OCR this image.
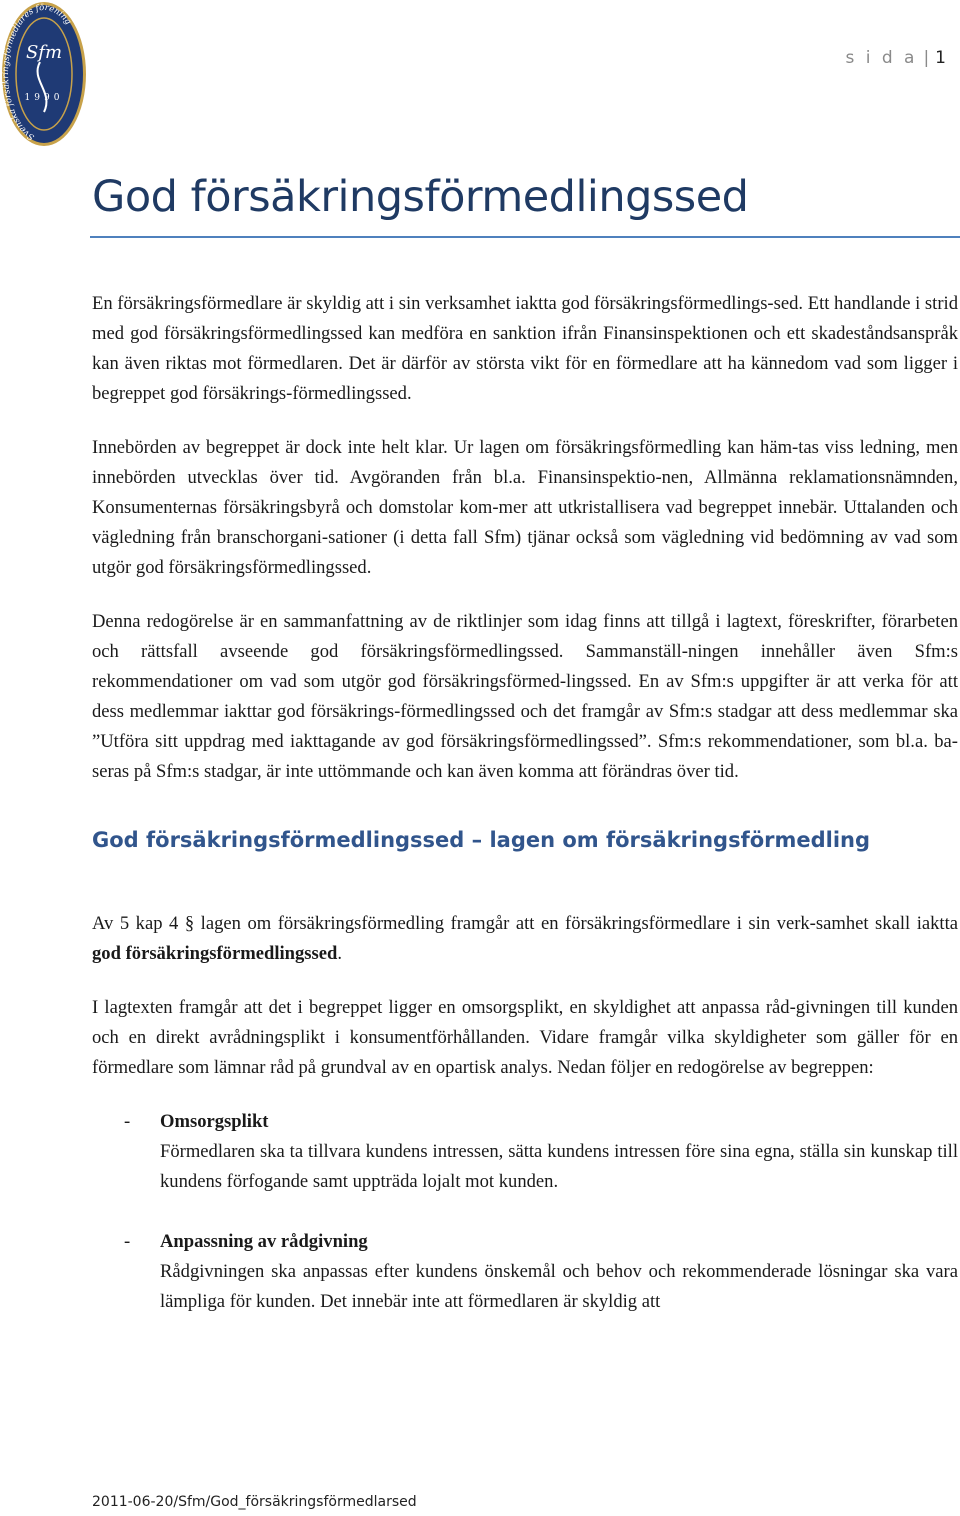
Svenska försäkringsförmedlares förening
Sfm
1990
s i d a | 1
God försäkringsförmedlingssed

En försäkringsförmedlare är skyldig att i sin verksamhet iaktta god försäkringsförmedlings-sed. Ett handlande i strid med god försäkringsförmedlingssed kan medföra en sanktion ifrån Finansinspektionen och ett skadeståndsanspråk kan även riktas mot förmedlaren. Det är därför av största vikt för en förmedlare att ha kännedom vad som ligger i begreppet god försäkrings-förmedlingssed.

Innebörden av begreppet är dock inte helt klar. Ur lagen om försäkringsförmedling kan häm-tas viss ledning, men innebörden utvecklas över tid. Avgöranden från bl.a. Finansinspektio-nen, Allmänna reklamationsnämnden, Konsumenternas försäkringsbyrå och domstolar kom-mer att utkristallisera vad begreppet innebär. Uttalanden och vägledning från branschorgani-sationer (i detta fall Sfm) tjänar också som vägledning vid bedömning av vad som utgör god försäkringsförmedlingssed.

Denna redogörelse är en sammanfattning av de riktlinjer som idag finns att tillgå i lagtext, föreskrifter, förarbeten och rättsfall avseende god försäkringsförmedlingssed. Sammanställ-ningen innehåller även Sfm:s rekommendationer om vad som utgör god försäkringsförmed-lingssed. En av Sfm:s uppgifter är att verka för att dess medlemmar iakttar god försäkrings-förmedlingssed och det framgår av Sfm:s stadgar att dess medlemmar ska ”Utföra sitt uppdrag med iakttagande av god försäkringsförmedlingssed”. Sfm:s rekommendationer, som bl.a. ba-seras på Sfm:s stadgar, är inte uttömmande och kan även komma att förändras över tid.

God försäkringsförmedlingssed – lagen om försäkringsförmedling

Av 5 kap 4 § lagen om försäkringsförmedling framgår att en försäkringsförmedlare i sin verk-samhet skall iaktta god försäkringsförmedlingssed.

I lagtexten framgår att det i begreppet ligger en omsorgsplikt, en skyldighet att anpassa råd-givningen till kunden och en direkt avrådningsplikt i konsumentförhållanden. Vidare framgår vilka skyldigheter som gäller för en förmedlare som lämnar råd på grundval av en opartisk analys. Nedan följer en redogörelse av begreppen:

-	Omsorgsplikt
Förmedlaren ska ta tillvara kundens intressen, sätta kundens intressen före sina egna, ställa sin kunskap till kundens förfogande samt uppträda lojalt mot kunden.
-	Anpassning av rådgivning
Rådgivningen ska anpassas efter kundens önskemål och behov och rekommenderade lösningar ska vara lämpliga för kunden. Det innebär inte att förmedlaren är skyldig att
2011-06-20/Sfm/God_försäkringsförmedlarsed
